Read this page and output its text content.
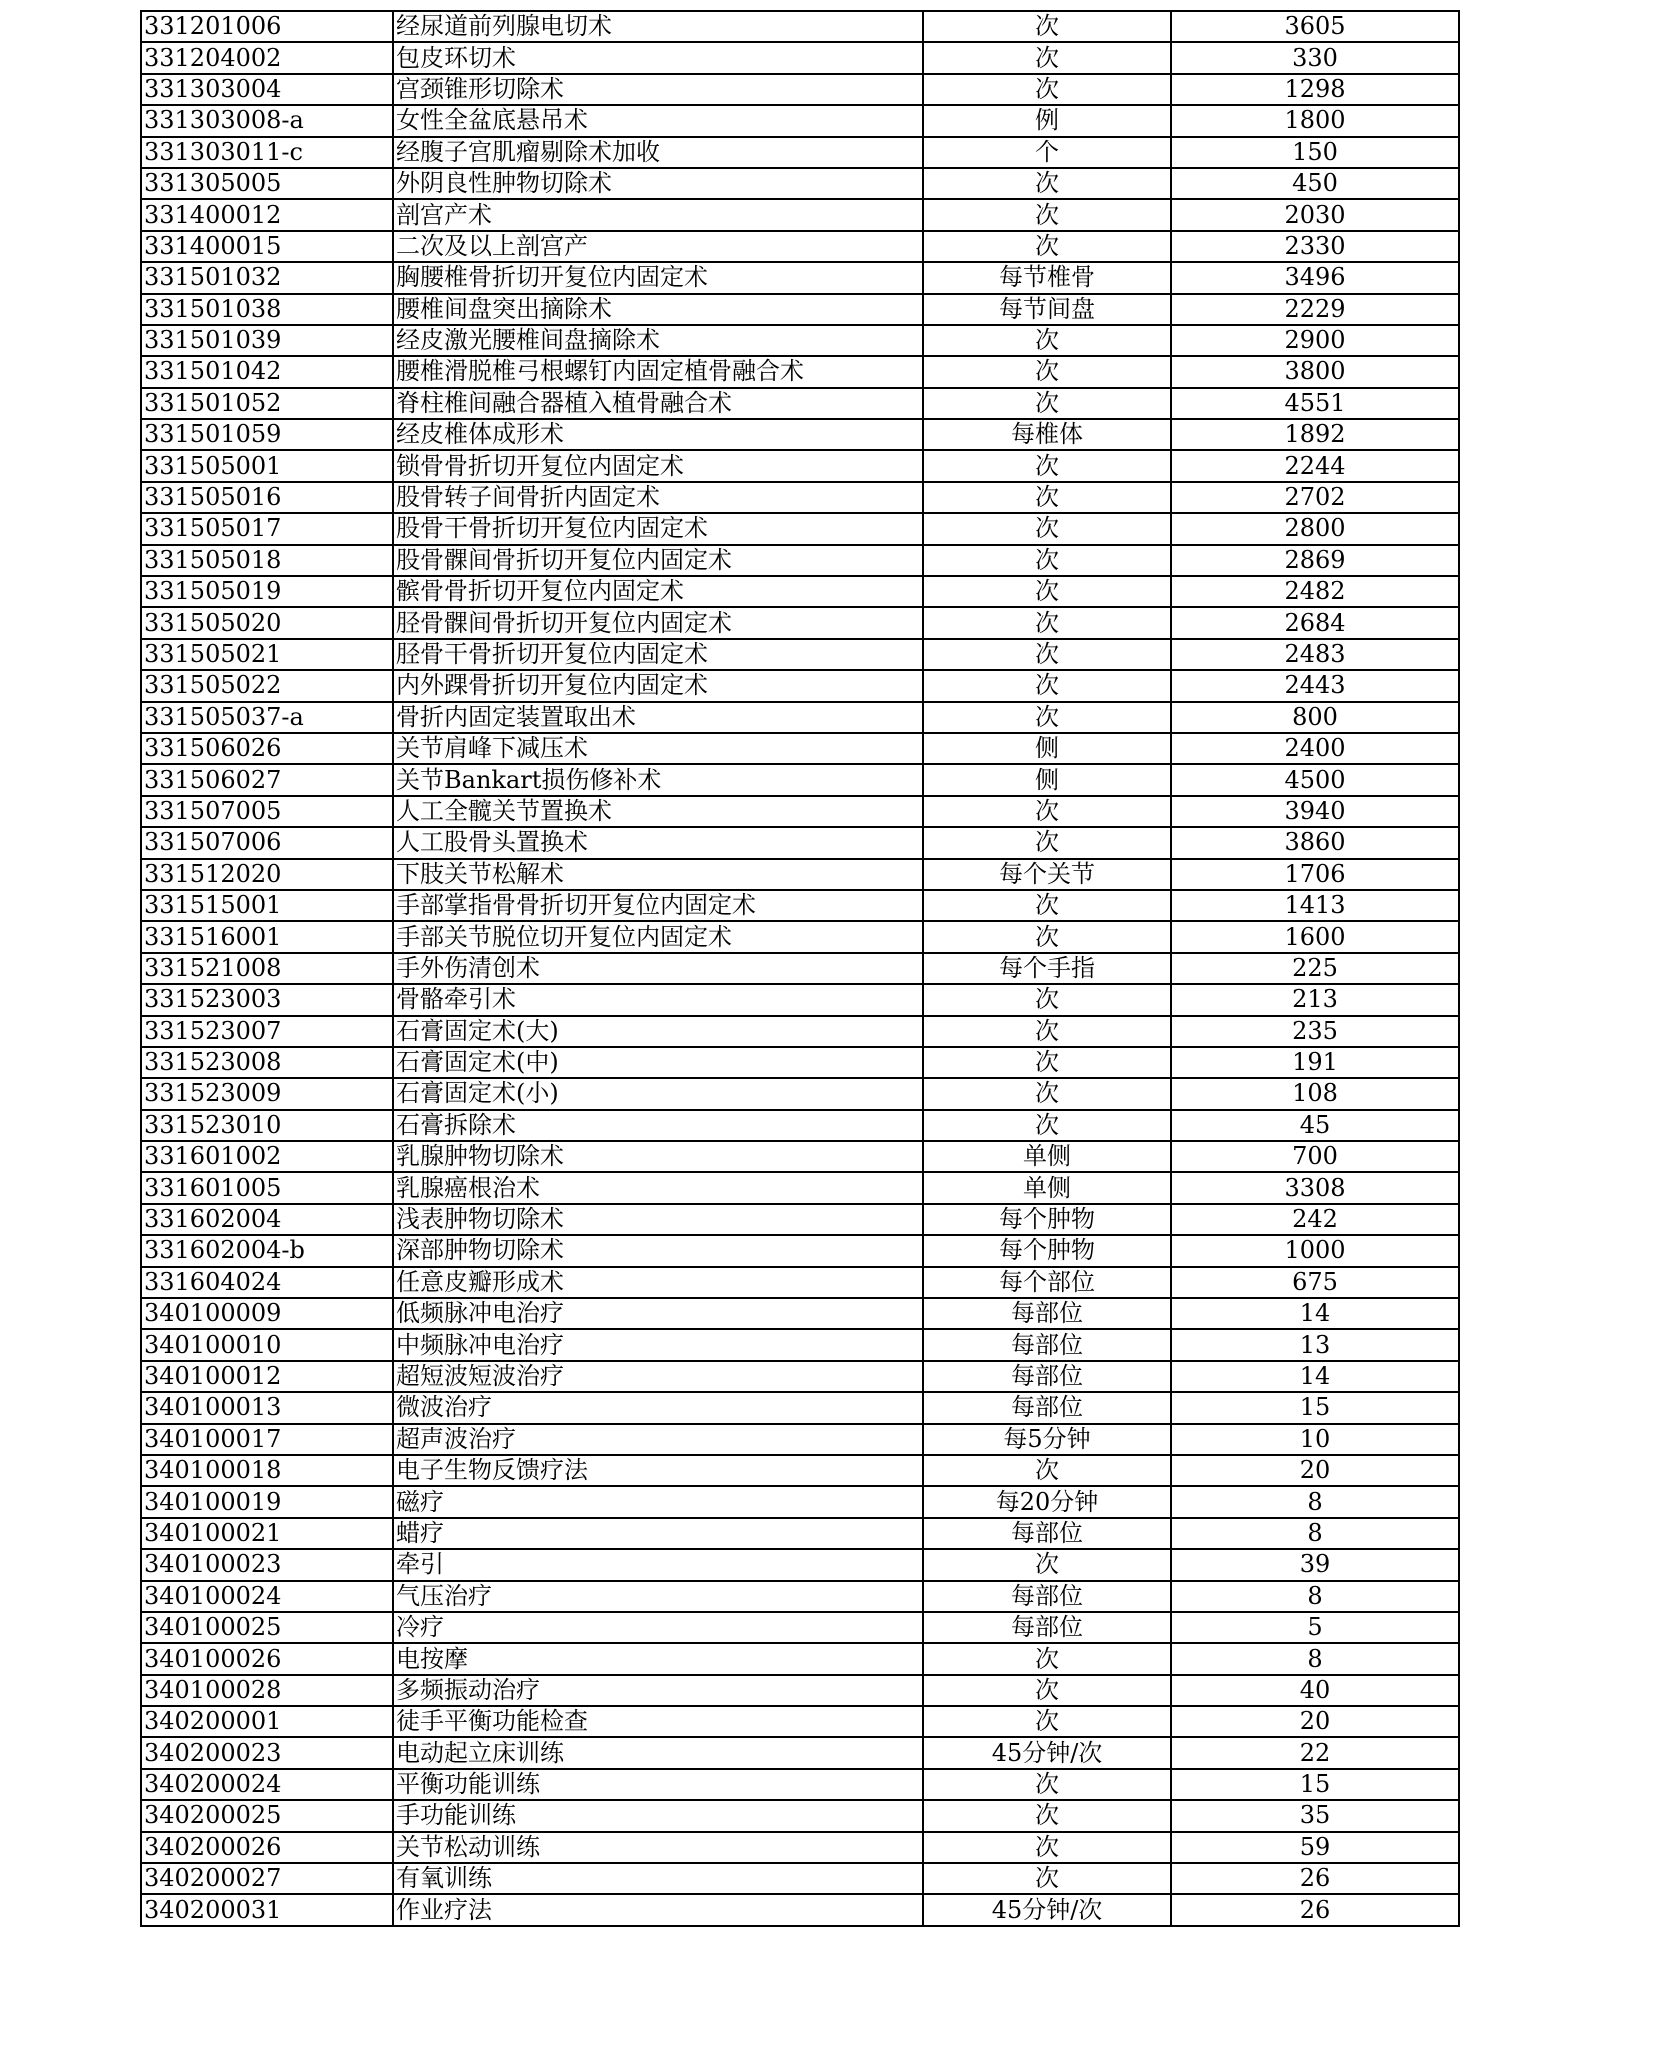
331201006	经尿道前列腺电切术	次	3605
331204002	包皮环切术	次	330
331303004	宫颈锥形切除术	次	1298
331303008-a	女性全盆底悬吊术	例	1800
331303011-c	经腹子宫肌瘤剔除术加收	个	150
331305005	外阴良性肿物切除术	次	450
331400012	剖宫产术	次	2030
331400015	二次及以上剖宫产	次	2330
331501032	胸腰椎骨折切开复位内固定术	每节椎骨	3496
331501038	腰椎间盘突出摘除术	每节间盘	2229
331501039	经皮激光腰椎间盘摘除术	次	2900
331501042	腰椎滑脱椎弓根螺钉内固定植骨融合术	次	3800
331501052	脊柱椎间融合器植入植骨融合术	次	4551
331501059	经皮椎体成形术	每椎体	1892
331505001	锁骨骨折切开复位内固定术	次	2244
331505016	股骨转子间骨折内固定术	次	2702
331505017	股骨干骨折切开复位内固定术	次	2800
331505018	股骨髁间骨折切开复位内固定术	次	2869
331505019	髌骨骨折切开复位内固定术	次	2482
331505020	胫骨髁间骨折切开复位内固定术	次	2684
331505021	胫骨干骨折切开复位内固定术	次	2483
331505022	内外踝骨折切开复位内固定术	次	2443
331505037-a	骨折内固定装置取出术	次	800
331506026	关节肩峰下减压术	侧	2400
331506027	关节Bankart损伤修补术	侧	4500
331507005	人工全髋关节置换术	次	3940
331507006	人工股骨头置换术	次	3860
331512020	下肢关节松解术	每个关节	1706
331515001	手部掌指骨骨折切开复位内固定术	次	1413
331516001	手部关节脱位切开复位内固定术	次	1600
331521008	手外伤清创术	每个手指	225
331523003	骨骼牵引术	次	213
331523007	石膏固定术(大)	次	235
331523008	石膏固定术(中)	次	191
331523009	石膏固定术(小)	次	108
331523010	石膏拆除术	次	45
331601002	乳腺肿物切除术	单侧	700
331601005	乳腺癌根治术	单侧	3308
331602004	浅表肿物切除术	每个肿物	242
331602004-b	深部肿物切除术	每个肿物	1000
331604024	任意皮瓣形成术	每个部位	675
340100009	低频脉冲电治疗	每部位	14
340100010	中频脉冲电治疗	每部位	13
340100012	超短波短波治疗	每部位	14
340100013	微波治疗	每部位	15
340100017	超声波治疗	每5分钟	10
340100018	电子生物反馈疗法	次	20
340100019	磁疗	每20分钟	8
340100021	蜡疗	每部位	8
340100023	牵引	次	39
340100024	气压治疗	每部位	8
340100025	冷疗	每部位	5
340100026	电按摩	次	8
340100028	多频振动治疗	次	40
340200001	徒手平衡功能检查	次	20
340200023	电动起立床训练	45分钟/次	22
340200024	平衡功能训练	次	15
340200025	手功能训练	次	35
340200026	关节松动训练	次	59
340200027	有氧训练	次	26
340200031	作业疗法	45分钟/次	26
